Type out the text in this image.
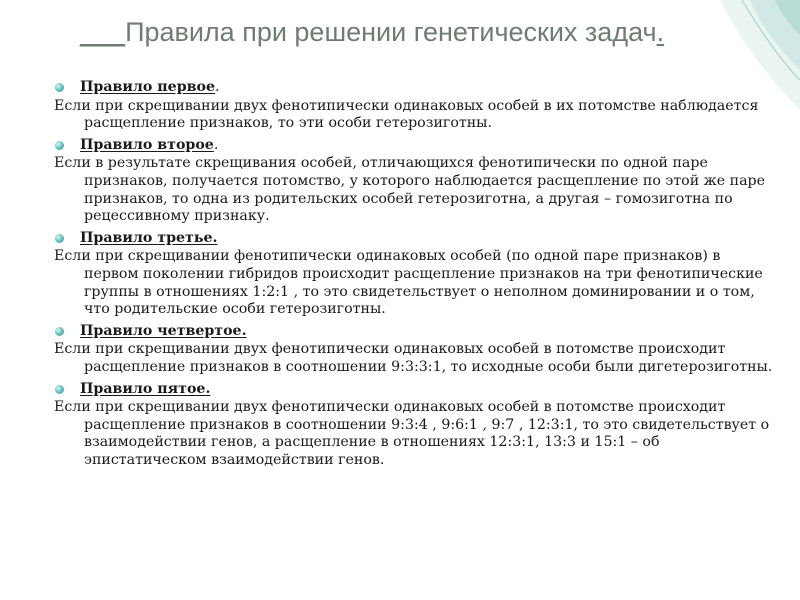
___Правила при решении генетических задач.
Правило первое .

Если при скрещивании двух фенотипически одинаковых особей в их потомстве наблюдается расщепление признаков, то эти особи гетерозиготны.

Правило второе .

Если в результате скрещивания особей, отличающихся фенотипически по одной паре признаков, получается потомство, у которого наблюдается расщепление по этой же паре признаков, то одна из родительских особей гетерозиготна, а другая – гомозиготна по рецессивному признаку.

Правило третье.

Если при скрещивании фенотипически одинаковых особей (по одной паре признаков) в первом поколении гибридов происходит расщепление признаков на три фенотипические группы в отношениях 1:2:1 , то это свидетельствует о неполном доминировании и о том, что родительские особи гетерозиготны.

Правило четвертое.

Если при скрещивании двух фенотипически одинаковых особей в потомстве происходит расщепление признаков в соотношении 9:3:3:1, то исходные особи были дигетерозиготны.

Правило пятое.

Если при скрещивании двух фенотипически одинаковых особей в потомстве происходит расщепление признаков в соотношении 9:3:4 , 9:6:1 , 9:7 , 12:3:1, то это свидетельствует о взаимодействии генов, а расщепление в отношениях 12:3:1, 13:3 и 15:1 – об эпистатическом взаимодействии генов.
